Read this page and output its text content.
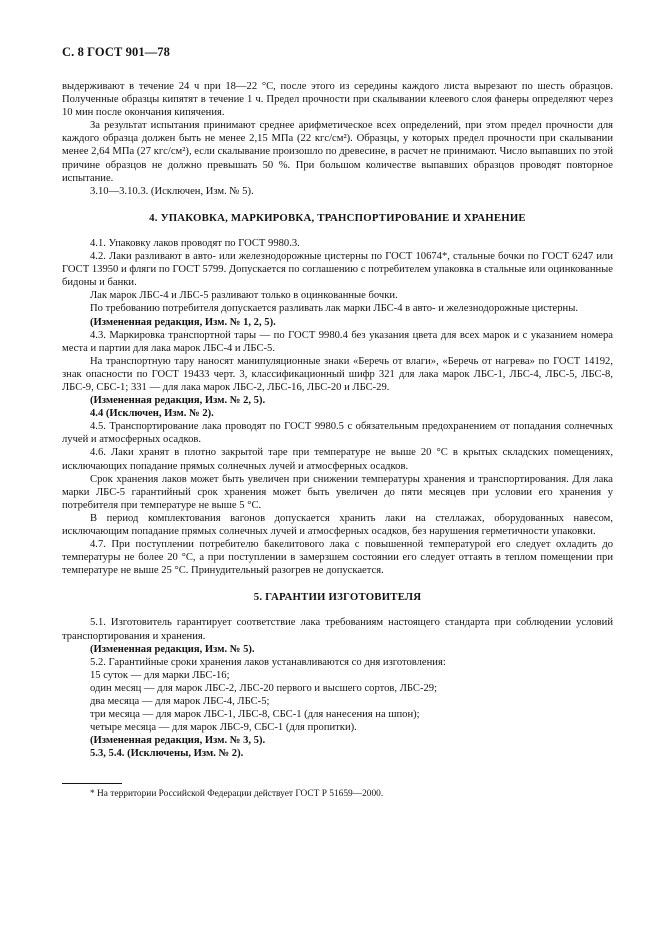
С. 8 ГОСТ 901—78

выдерживают в течение 24 ч при 18—22 °С, после этого из середины каждого листа вырезают по шесть образцов. Полученные образцы кипятят в течение 1 ч. Предел прочности при скалывании клеевого слоя фанеры определяют через 10 мин после окончания кипячения.

За результат испытания принимают среднее арифметическое всех определений, при этом предел прочности для каждого образца должен быть не менее 2,15 МПа (22 кгс/см²). Образцы, у которых предел прочности при скалывании менее 2,64 МПа (27 кгс/см²), если скалывание произошло по древесине, в расчет не принимают. Число выпавших по этой причине образцов не должно превышать 50 %. При большом количестве выпавших образцов проводят повторное испытание.

3.10—3.10.3. (Исключен, Изм. № 5).

4. УПАКОВКА, МАРКИРОВКА, ТРАНСПОРТИРОВАНИЕ И ХРАНЕНИЕ

4.1. Упаковку лаков проводят по ГОСТ 9980.3.

4.2. Лаки разливают в авто- или железнодорожные цистерны по ГОСТ 10674*, стальные бочки по ГОСТ 6247 или ГОСТ 13950 и фляги по ГОСТ 5799. Допускается по соглашению с потребителем упаковка в стальные или оцинкованные бидоны и банки.

Лак марок ЛБС-4 и ЛБС-5 разливают только в оцинкованные бочки.

По требованию потребителя допускается разливать лак марки ЛБС-4 в авто- и железнодорожные цистерны.

(Измененная редакция, Изм. № 1, 2, 5).

4.3. Маркировка транспортной тары — по ГОСТ 9980.4 без указания цвета для всех марок и с указанием номера места и партии для лака марок ЛБС-4 и ЛБС-5.

На транспортную тару наносят манипуляционные знаки «Беречь от влаги», «Беречь от нагрева» по ГОСТ 14192, знак опасности по ГОСТ 19433 черт. 3, классификационный шифр 321 для лака марок ЛБС-1, ЛБС-4, ЛБС-5, ЛБС-8, ЛБС-9, СБС-1; 331 — для лака марок ЛБС-2, ЛБС-16, ЛБС-20 и ЛБС-29.

(Измененная редакция, Изм. № 2, 5).

4.4 (Исключен, Изм. № 2).

4.5. Транспортирование лака проводят по ГОСТ 9980.5 с обязательным предохранением от попадания солнечных лучей и атмосферных осадков.

4.6. Лаки хранят в плотно закрытой таре при температуре не выше 20 °С в крытых складских помещениях, исключающих попадание прямых солнечных лучей и атмосферных осадков.

Срок хранения лаков может быть увеличен при снижении температуры хранения и транспортирования. Для лака марки ЛБС-5 гарантийный срок хранения может быть увеличен до пяти месяцев при условии его хранения у потребителя при температуре не выше 5 °С.

В период комплектования вагонов допускается хранить лаки на стеллажах, оборудованных навесом, исключающим попадание прямых солнечных лучей и атмосферных осадков, без нарушения герметичности упаковки.

4.7. При поступлении потребителю бакелитового лака с повышенной температурой его следует охладить до температуры не более 20 °С, а при поступлении в замерзшем состоянии его следует оттаять в теплом помещении при температуре не выше 25 °С. Принудительный разогрев не допускается.

5. ГАРАНТИИ ИЗГОТОВИТЕЛЯ

5.1. Изготовитель гарантирует соответствие лака требованиям настоящего стандарта при соблюдении условий транспортирования и хранения.

(Измененная редакция, Изм. № 5).

5.2. Гарантийные сроки хранения лаков устанавливаются со дня изготовления:

15 суток — для марки ЛБС-16;

один месяц — для марок ЛБС-2, ЛБС-20 первого и высшего сортов, ЛБС-29;

два месяца — для марок ЛБС-4, ЛБС-5;

три месяца — для марок ЛБС-1, ЛБС-8, СБС-1 (для нанесения на шпон);

четыре месяца — для марок ЛБС-9, СБС-1 (для пропитки).

(Измененная редакция, Изм. № 3, 5).

5.3, 5.4. (Исключены, Изм. № 2).

* На территории Российской Федерации действует ГОСТ Р 51659—2000.
